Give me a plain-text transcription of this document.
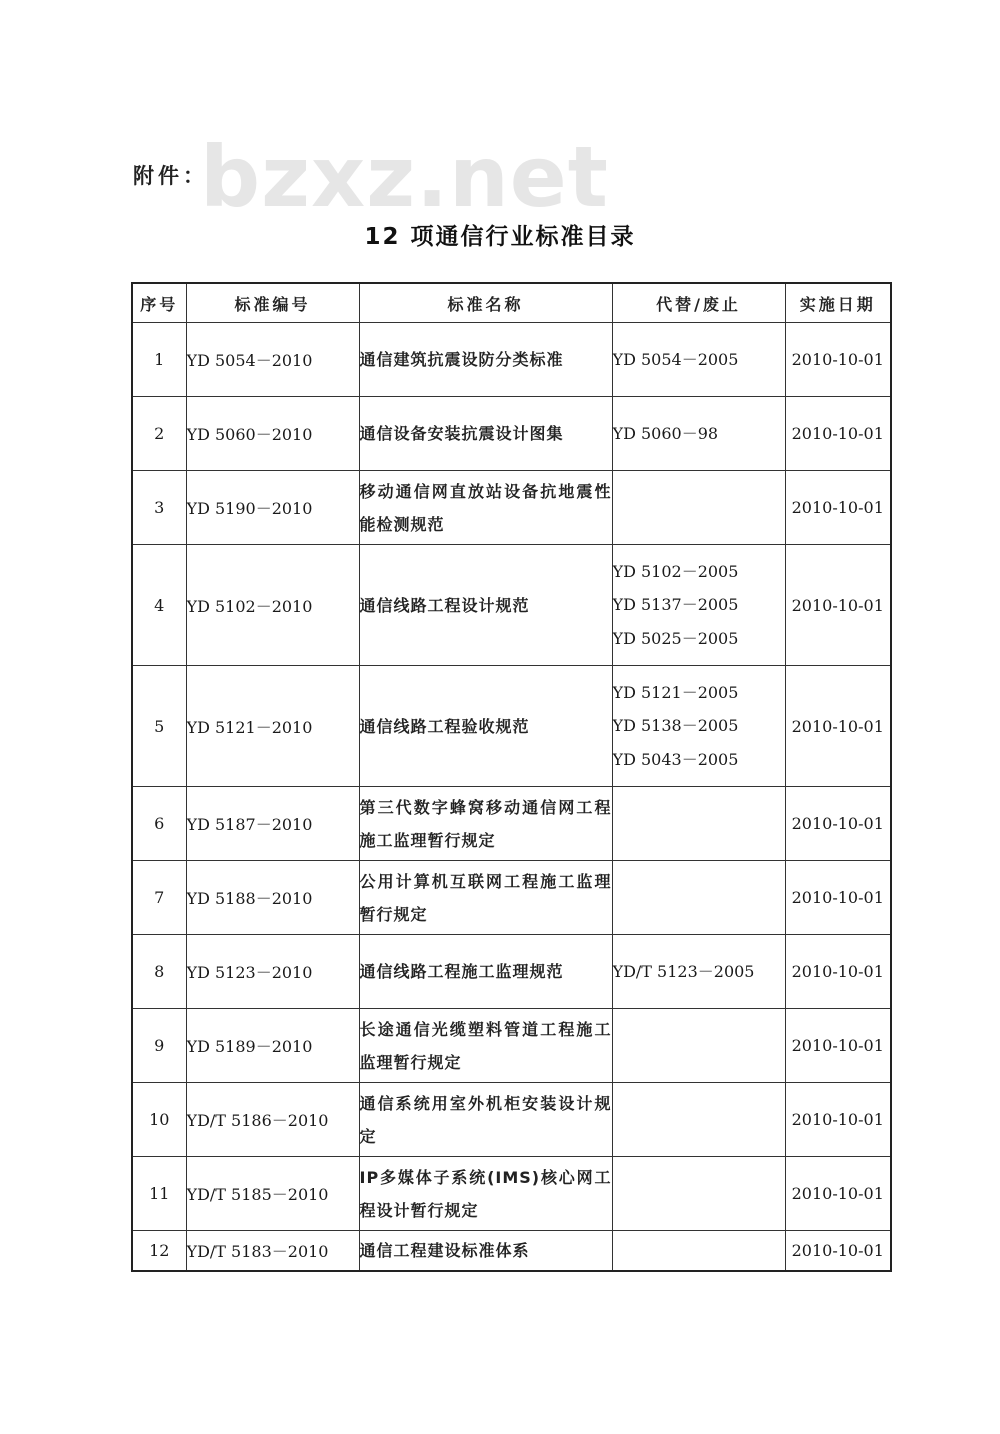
附件：
bzxz.net
12 项通信行业标准目录
序号	标准编号	标准名称	代替/废止	实施日期
1	YD 5054－2010	通信建筑抗震设防分类标准	YD 5054－2005	2010-10-01
2	YD 5060－2010	通信设备安装抗震设计图集	YD 5060－98	2010-10-01
3	YD 5190－2010	移动通信网直放站设备抗地震性能检测规范		2010-10-01
4	YD 5102－2010	通信线路工程设计规范	YD 5102－2005
YD 5137－2005
YD 5025－2005	2010-10-01
5	YD 5121－2010	通信线路工程验收规范	YD 5121－2005
YD 5138－2005
YD 5043－2005	2010-10-01
6	YD 5187－2010	第三代数字蜂窝移动通信网工程施工监理暂行规定		2010-10-01
7	YD 5188－2010	公用计算机互联网工程施工监理暂行规定		2010-10-01
8	YD 5123－2010	通信线路工程施工监理规范	YD/T 5123－2005	2010-10-01
9	YD 5189－2010	长途通信光缆塑料管道工程施工监理暂行规定		2010-10-01
10	YD/T 5186－2010	通信系统用室外机柜安装设计规定		2010-10-01
11	YD/T 5185－2010	IP多媒体子系统(IMS)核心网工程设计暂行规定		2010-10-01
12	YD/T 5183－2010	通信工程建设标准体系		2010-10-01
